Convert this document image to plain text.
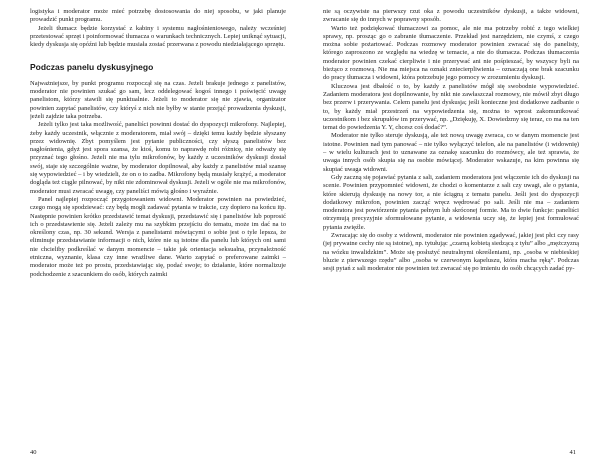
logistyka i moderator może mieć potrzebę dostosowania do niej sposobu, w jaki planuje prowadzić punkt programu.

Jeżeli tłumacz będzie korzystać z kabiny i systemu nagłośnieniowego, należy wcześniej przetestować sprzęt i poinformować tłumacza o warunkach technicznych. Lepiej uniknąć sytuacji, kiedy dyskusja się opóźni lub będzie musiała zostać przerwana z powodu niedziałającego sprzętu.

Podczas panelu dyskusyjnego

Najważniejsze, by punkt programu rozpoczął się na czas. Jeżeli brakuje jednego z panelistów, moderator nie powinien szukać go sam, lecz oddelegować kogoś innego i poświęcić uwagę panelistom, którzy stawili się punktualnie. Jeżeli to moderator się nie zjawia, organizator powinien zapytać panelistów, czy któryś z nich nie byłby w stanie przejąć prowadzenia dyskusji, jeżeli zajdzie taka potrzeba.

Jeżeli tylko jest taka możliwość, paneliści powinni dostać do dyspozycji mikrofony. Najlepiej, żeby każdy uczestnik, włącznie z moderatorem, miał swój – dzięki temu każdy będzie słyszany przez widownię. Zbyt pomyślem jest pytanie publiczności, czy słyszą panelistów bez nagłośnienia, gdyż jest spora szansa, że ktoś, komu to naprawdę robi różnicę, nie odważy się przyznać tego głośno. Jeżeli nie ma tylu mikrofonów, by każdy z uczestników dyskusji dostał swój, staje się szczególnie ważne, by moderator dopilnował, aby każdy z panelistów miał szansę się wypowiedzieć – i by wiedzieli, że on o to zadba. Mikrofony będą musiały krążyć, a moderator dogląda też ciągle pilnować, by nikt nie zdominował dyskusji. Jeżeli w ogóle nie ma mikrofonów, moderator musi zwracać uwagę, czy paneliści mówią głośno i wyraźnie.

Panel najlepiej rozpocząć przygotowaniem widowni. Moderator powinien na powiedzieć, czego mogą się spodziewać: czy będą mogli zadawać pytania w trakcie, czy dopiero na końcu itp. Następnie powinien krótko przedstawić temat dyskusji, przedstawić się i panelistów lub poprosić ich o przedstawienie się. Jeżeli zależy mu na szybkim przejściu do tematu, może im dać na to określony czas, np. 30 sekund. Wersja z panelistami mówiącymi o sobie jest o tyle lepsza, że eliminuje przedstawianie informacji o nich, które nie są istotne dla panelu lub których oni sami nie chcieliby podkreślać w danym momencie – takie jak orientacja seksualna, przynależność etniczna, wyznanie, klasa czy inne wrażliwe dane. Warto zapytać o preferowane zaimki – moderator może też po prostu, przedstawiając się, podać swoje; to działanie, które normalizuje podchodzenie z szacunkiem do osób, których zaimki

nie są oczywiste na pierwszy rzut oka z powodu uczestników dyskusji, a także widowni, zwracanie się do innych w poprawny sposób.

Warto też podziękować tłumaczowi za pomoc, ale nie ma potrzeby robić z tego wielkiej sprawy, np. prosząc go o zabranie tłumaczenie. Przekład jest narzędziem, nie czymś, z czego można sobie pożartować. Podczas rozmowy moderator powinien zwracać się do panelisty, którego zaproszono ze względu na wiedzę w temacie, a nie do tłumacza. Podczas tłumaczenia moderator powinien czekać cierpliwie i nie przerywać ani nie pośpieszać, by wszyscy byli na bieżąco z rozmową. Nie ma miejsca na oznaki zniecierpliwienia – oznaczają one brak szacunku do pracy tłumacza i widowni, która potrzebuje jego pomocy w zrozumieniu dyskusji.

Kluczowa jest dbałość o to, by każdy z panelistów mógł się swobodnie wypowiedzieć. Zadaniem moderatora jest dopilnowanie, by nikt nie zawłaszczał rozmowy, nie mówił zbyt długo bez przerw i przerywania. Celem panelu jest dyskusja; jeśli konieczne jest dodatkowe zadbanie o to, by każdy miał przestrzeń na wypowiedzenia się, można to wprost zakomunikować uczestnikom i bez skrupułów im przerywać, np. „Dziękuję, X. Dowiedzmy się teraz, co ma na ten temat do powiedzenia Y. Y, chcesz coś dodać?”.

Moderator nie tylko steruje dyskusją, ale też nową uwagę zwraca, co w danym momencie jest istotne. Powinien nad tym panować – nie tylko wyłączyć telefon, ale na panelistów (i widownię) – w wielu kulturach jest to uznawane za oznakę szacunku do rozmówcy, ale też sprawia, że uwaga innych osób skupia się na osobie mówiącej. Moderator wskazuje, na kim powinna się skupiać uwaga widowni.

Gdy zaczną się pojawiać pytania z sali, zadaniem moderatora jest włączenie ich do dyskusji na scenie. Powinien przypomnieć widowni, że chodzi o komentarze z sali czy uwagi, ale o pytania, które skierują dyskusję na nowy tor, a nie ściągną z tematu panelu. Jeśli jest do dyspozycji dodatkowy mikrofon, powinien zacząć wręcz wędrować po sali. Jeśli nie ma – zadaniem moderatora jest powtórzenie pytania pełnym lub skróconej formie. Ma to dwie funkcje: paneliści otrzymują precyzyjnie sformułowane pytanie, a widownia uczy się, że lepiej jest formułować pytania zwięźle.

Zwracając się do osoby z widowni, moderator nie powinien zgadywać, jakiej jest płci czy rasy (jej prywatne cechy nie są istotne), np. tytułując „czarną kobietą siedzącą z tyłu” albo „mężczyzną na wózku inwalidzkim”. Może się posłużyć neutralnymi określeniami, np. „osoba w niebieskiej bluzie z pierwszego rzędu” albo „osoba w czerwonym kapeluszu, która macha ręką”. Podczas sesji pytań z sali moderator nie powinien też zwracać się po imieniu do osób chcących zadać py-

40	41
